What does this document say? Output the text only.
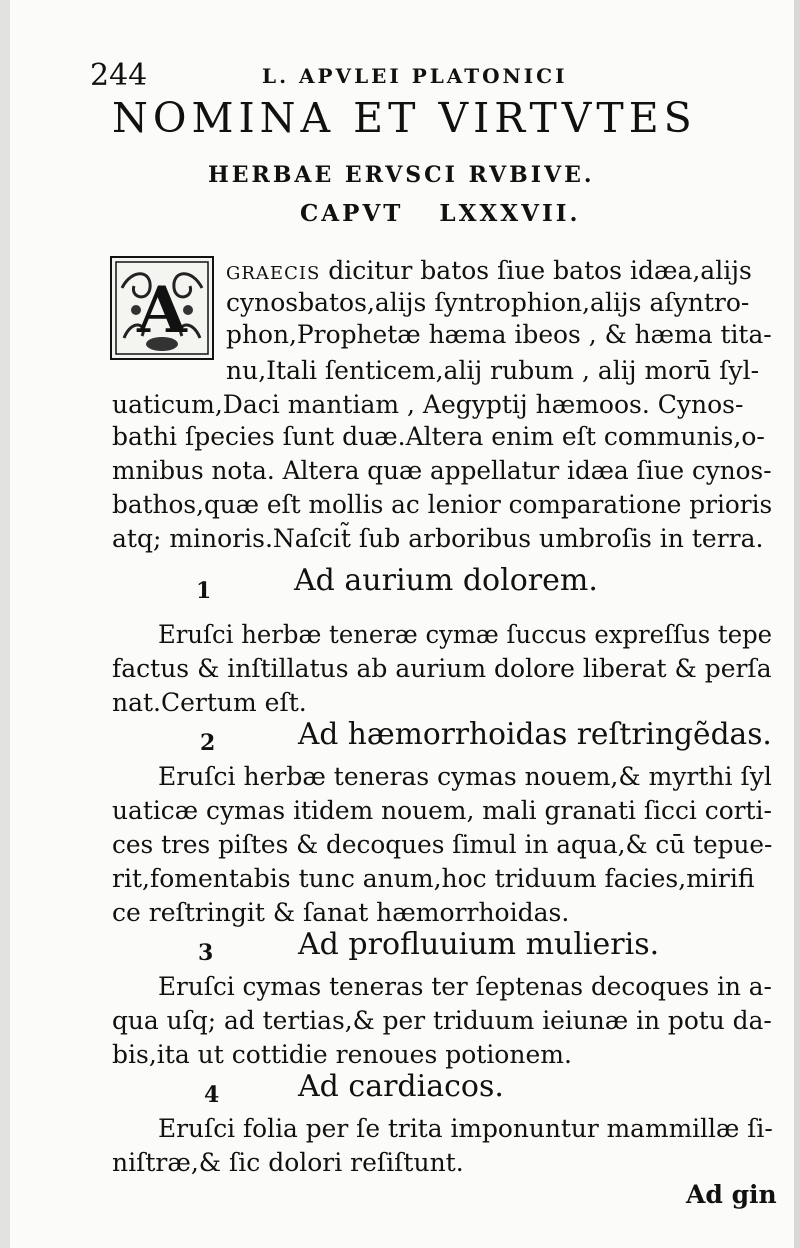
244	L. APVLEI PLATONICI
NOMINA ET VIRTVTES
HERBAE ERVSCI RVBIVE.
CAPVT LXXXVII.
A GRAECIS dicitur batos ſiue batos idæa,alijs
cynosbatos,alijs ſyntrophion,alijs aſyntro-
phon,Prophetæ hæma ibeos , & hæma tita-
nu,Itali ſenticem,alij rubum , alij morū ſyl-
uaticum,Daci mantiam , Aegyptij hæmoos. Cynos-
bathi ſpecies ſunt duæ.Altera enim eſt communis,o-
mnibus nota. Altera quæ appellatur idæa ſiue cynos-
bathos,quæ eſt mollis ac lenior comparatione prioris
atq; minoris.Naſcit̃ ſub arboribus umbroſis in terra.
1	Ad aurium dolorem.
Eruſci herbæ teneræ cymæ ſuccus expreſſus tepe
factus & inſtillatus ab aurium dolore liberat & perſa
nat.Certum eſt.
2	Ad hæmorrhoidas reſtringẽdas.
Eruſci herbæ teneras cymas nouem,& myrthi ſyl
uaticæ cymas itidem nouem, mali granati ſicci corti-
ces tres piſtes & decoques ſimul in aqua,& cū tepue-
rit,fomentabis tunc anum,hoc triduum facies,mirifi
ce reſtringit & ſanat hæmorrhoidas.
3	Ad profluuium mulieris.
Eruſci cymas teneras ter ſeptenas decoques in a-
qua uſq; ad tertias,& per triduum ieiunæ in potu da-
bis,ita ut cottidie renoues potionem.
4	Ad cardiacos.
Eruſci folia per ſe trita imponuntur mammillæ ſi-
niſtræ,& ſic dolori reſiſtunt.
Ad gin
